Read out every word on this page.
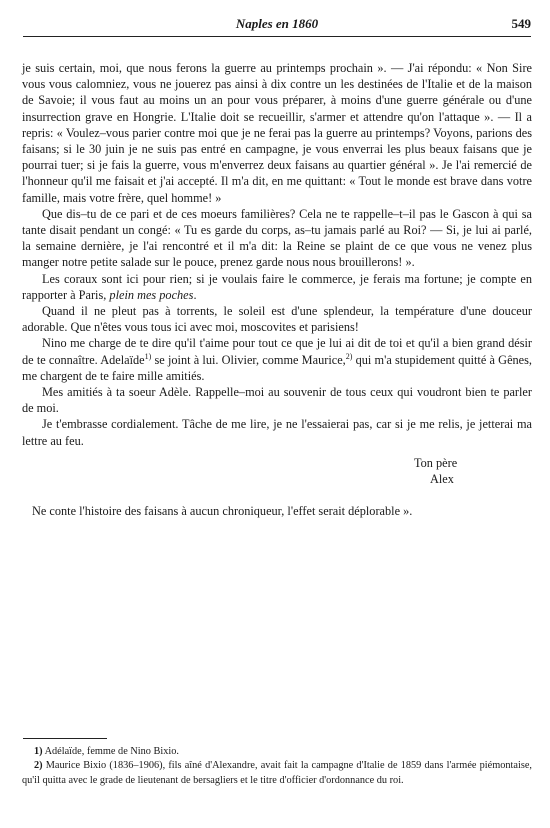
Naples en 1860	549

je suis certain, moi, que nous ferons la guerre au printemps prochain ». — J'ai répondu: « Non Sire vous vous calomniez, vous ne jouerez pas ainsi à dix contre un les destinées de l'Italie et de la maison de Savoie; il vous faut au moins un an pour vous préparer, à moins d'une guerre générale ou d'une insurrection grave en Hongrie. L'Italie doit se recueillir, s'armer et attendre qu'on l'attaque ». — Il a repris: « Voulez–vous parier contre moi que je ne ferai pas la guerre au printemps? Voyons, parions des faisans; si le 30 juin je ne suis pas entré en campagne, je vous enverrai les plus beaux faisans que je pourrai tuer; si je fais la guerre, vous m'enverrez deux faisans au quartier général ». Je l'ai remercié de l'honneur qu'il me faisait et j'ai accepté. Il m'a dit, en me quittant: « Tout le monde est brave dans votre famille, mais votre frère, quel homme! »

Que dis–tu de ce pari et de ces moeurs familières? Cela ne te rappelle–t–il pas le Gascon à qui sa tante disait pendant un congé: « Tu es garde du corps, as–tu jamais parlé au Roi? — Si, je lui ai parlé, la semaine dernière, je l'ai rencontré et il m'a dit: la Reine se plaint de ce que vous ne venez plus manger notre petite salade sur le pouce, prenez garde nous nous brouillerons! ».

Les coraux sont ici pour rien; si je voulais faire le commerce, je ferais ma fortune; je compte en rapporter à Paris, plein mes poches.

Quand il ne pleut pas à torrents, le soleil est d'une splendeur, la température d'une douceur adorable. Que n'êtes vous tous ici avec moi, moscovites et parisiens!

Nino me charge de te dire qu'il t'aime pour tout ce que je lui ai dit de toi et qu'il a bien grand désir de te connaître. Adelaïde$^{1)}$ se joint à lui. Olivier, comme Maurice,$^{2)}$ qui m'a stupidement quitté à Gênes, me chargent de te faire mille amitiés.

Mes amitiés à ta soeur Adèle. Rappelle–moi au souvenir de tous ceux qui voudront bien te parler de moi.

Je t'embrasse cordialement. Tâche de me lire, je ne l'essaierai pas, car si je me relis, je jetterai ma lettre au feu.

Ton père
Alex
Ne conte l'histoire des faisans à aucun chroniqueur, l'effet serait déplorable ».

1) Adélaïde, femme de Nino Bixio.

2) Maurice Bixio (1836–1906), fils aîné d'Alexandre, avait fait la campagne d'Italie de 1859 dans l'armée piémontaise, qu'il quitta avec le grade de lieutenant de bersagliers et le titre d'officier d'ordonnance du roi.
